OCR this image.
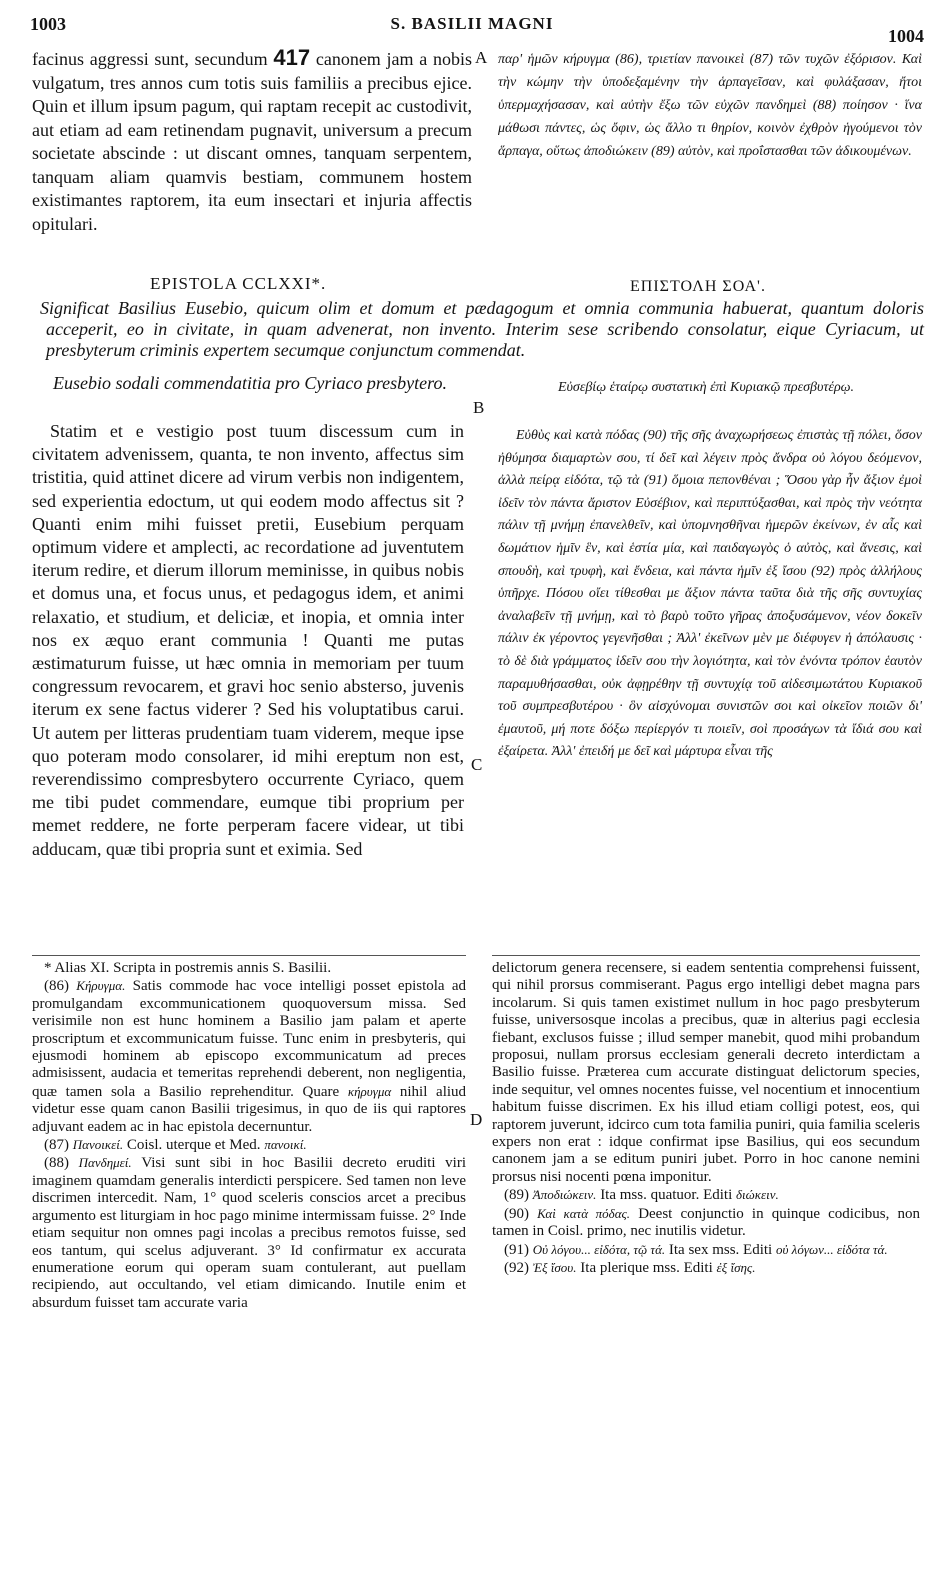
1003	S. BASILII MAGNI
1004
facinus aggressi sunt, secundum 417 canonem jam a nobis vulgatum, tres annos cum totis suis familiis a precibus ejice. Quin et illum ipsum pagum, qui raptam recepit ac custodivit, aut etiam ad eam retinendam pugnavit, universum a precum societate abscinde : ut discant omnes, tanquam serpentem, tanquam aliam quamvis bestiam, communem hostem existimantes raptorem, ita eum insectari et injuria affectis opitulari.
A παρ' ἡμῶν κήρυγμα (86), τριετίαν πανοικεὶ (87) τῶν τυχῶν ἐξόρισον. Καὶ τὴν κώμην τὴν ὑποδεξαμένην τὴν ἁρπαγεῖσαν, καὶ φυλάξασαν, ἤτοι ὑπερμαχήσασαν, καὶ αὐτὴν ἔξω τῶν εὐχῶν πανδημεὶ (88) ποίησον · ἵνα μάθωσι πάντες, ὡς ὄφιν, ὡς ἄλλο τι θηρίον, κοινὸν ἐχθρὸν ἡγούμενοι τὸν ἅρπαγα, οὕτως ἀποδιώκειν (89) αὐτὸν, καὶ προΐστασθαι τῶν ἀδικουμένων.
EPISTOLA CCLXXI*.	ΕΠΙΣΤΟΛΗ ΣΟΑ'.
Significat Basilius Eusebio, quicum olim et domum et pædagogum et omnia communia habuerat, quantum doloris acceperit, eo in civitate, in quam advenerat, non invento. Interim sese scribendo consolatur, eique Cyriacum, ut presbyterum criminis expertem secumque conjunctum commendat.
Eusebio sodali commendatitia pro Cyriaco presbytero.	Εὐσεβίῳ ἑταίρῳ συστατικὴ ἐπὶ Κυριακῷ πρεσβυτέρῳ.
B

Statim et e vestigio post tuum discessum cum in civitatem advenissem, quanta, te non invento, affectus sim tristitia, quid attinet dicere ad virum verbis non indigentem, sed experientia edoctum, ut qui eodem modo affectus sit ? Quanti enim mihi fuisset pretii, Eusebium perquam optimum videre et amplecti, ac recordatione ad juventutem iterum redire, et dierum illorum meminisse, in quibus nobis et domus una, et focus unus, et pedagogus idem, et animi relaxatio, et studium, et deliciæ, et inopia, et omnia inter nos ex æquo erant communia ! Quanti me putas æstimaturum fuisse, ut hæc omnia in memoriam per tuum congressum revocarem, et gravi hoc senio absterso, juvenis iterum ex sene factus viderer ? Sed his voluptatibus carui. Ut autem per litteras prudentiam tuam viderem, meque ipse quo poteram modo consolarer, id mihi ereptum non est, reverendissimo compresbytero occurrente Cyriaco, quem me tibi pudet commendare, eumque tibi proprium per memet reddere, ne forte perperam facere videar, ut tibi adducam, quæ tibi propria sunt et eximia. Sed

C

Εὐθὺς καὶ κατὰ πόδας (90) τῆς σῆς ἀναχωρήσεως ἐπιστὰς τῇ πόλει, ὅσον ἠθύμησα διαμαρτὼν σου, τί δεῖ καὶ λέγειν πρὸς ἄνδρα οὐ λόγου δεόμενον, ἀλλὰ πείρᾳ εἰδότα, τῷ τὰ (91) ὅμοια πεπονθέναι ; Ὅσου γὰρ ἦν ἄξιον ἐμοὶ ἰδεῖν τὸν πάντα ἄριστον Εὐσέβιον, καὶ περιπτύξασθαι, καὶ πρὸς τὴν νεότητα πάλιν τῇ μνήμῃ ἐπανελθεῖν, καὶ ὑπομνησθῆναι ἡμερῶν ἐκείνων, ἐν αἷς καὶ δωμάτιον ἡμῖν ἓν, καὶ ἑστία μία, καὶ παιδαγωγὸς ὁ αὐτὸς, καὶ ἄνεσις, καὶ σπουδὴ, καὶ τρυφὴ, καὶ ἔνδεια, καὶ πάντα ἡμῖν ἐξ ἴσου (92) πρὸς ἀλλήλους ὑπῆρχε. Πόσου οἴει τίθεσθαι με ἄξιον πάντα ταῦτα διὰ τῆς σῆς συντυχίας ἀναλαβεῖν τῇ μνήμῃ, καὶ τὸ βαρὺ τοῦτο γῆρας ἀποξυσάμενον, νέον δοκεῖν πάλιν ἐκ γέροντος γεγενῆσθαι ; Ἀλλ' ἐκεῖνων μὲν με διέφυγεν ἡ ἀπόλαυσις · τὸ δὲ διὰ γράμματος ἰδεῖν σου τὴν λογιότητα, καὶ τὸν ἐνόντα τρόπον ἑαυτὸν παραμυθήσασθαι, οὐκ ἀφῃρέθην τῇ συντυχίᾳ τοῦ αἰδεσιμωτάτου Κυριακοῦ τοῦ συμπρεσβυτέρου · ὃν αἰσχύνομαι συνιστῶν σοι καὶ οἰκεῖον ποιῶν δι' ἐμαυτοῦ, μή ποτε δόξω περίεργόν τι ποιεῖν, σοὶ προσάγων τὰ ἴδιά σου καὶ ἐξαίρετα. Ἀλλ' ἐπειδή με δεῖ καὶ μάρτυρα εἶναι τῆς

* Alias XI. Scripta in postremis annis S. Basilii.

(86) Κήρυγμα. Satis commode hac voce intelligi posset epistola ad promulgandam excommunicationem quoquoversum missa. Sed verisimile non est hunc hominem a Basilio jam palam et aperte proscriptum et excommunicatum fuisse. Tunc enim in presbyteris, qui ejusmodi hominem ab episcopo excommunicatum ad preces admisissent, audacia et temeritas reprehendi deberent, non negligentia, quæ tamen sola a Basilio reprehenditur. Quare κήρυγμα nihil aliud videtur esse quam canon Basilii trigesimus, in quo de iis qui raptores adjuvant eadem ac in hac epistola decernuntur.

(87) Πανοικεί. Coisl. uterque et Med. πανοικί.

(88) Πανδημεί. Visi sunt sibi in hoc Basilii decreto eruditi viri imaginem quamdam generalis interdicti perspicere. Sed tamen non leve discrimen intercedit. Nam, 1° quod sceleris conscios arcet a precibus argumento est liturgiam in hoc pago minime intermissam fuisse. 2° Inde etiam sequitur non omnes pagi incolas a precibus remotos fuisse, sed eos tantum, qui scelus adjuverant. 3° Id confirmatur ex accurata enumeratione eorum qui operam suam contulerant, aut puellam recipiendo, aut occultando, vel etiam dimicando. Inutile enim et absurdum fuisset tam accurate varia

D

delictorum genera recensere, si eadem sententia comprehensi fuissent, qui nihil prorsus commiserant. Pagus ergo intelligi debet magna pars incolarum. Si quis tamen existimet nullum in hoc pago presbyterum fuisse, universosque incolas a precibus, quæ in alterius pagi ecclesia fiebant, exclusos fuisse ; illud semper manebit, quod mihi probandum proposui, nullam prorsus ecclesiam generali decreto interdictam a Basilio fuisse. Præterea cum accurate distinguat delictorum species, inde sequitur, vel omnes nocentes fuisse, vel nocentium et innocentium habitum fuisse discrimen. Ex his illud etiam colligi potest, eos, qui raptorem juverunt, idcirco cum tota familia puniri, quia familia sceleris expers non erat : idque confirmat ipse Basilius, qui eos secundum canonem jam a se editum puniri jubet. Porro in hoc canone nemini prorsus nisi nocenti pœna imponitur.

(89) Ἀποδιώκειν. Ita mss. quatuor. Editi διώκειν.

(90) Καὶ κατὰ πόδας. Deest conjunctio in quinque codicibus, non tamen in Coisl. primo, nec inutilis videtur.

(91) Οὐ λόγου... εἰδότα, τῷ τά. Ita sex mss. Editi οὐ λόγων... εἰδότα τά.

(92) Ἐξ ἴσου. Ita plerique mss. Editi ἐξ ἴσης.
